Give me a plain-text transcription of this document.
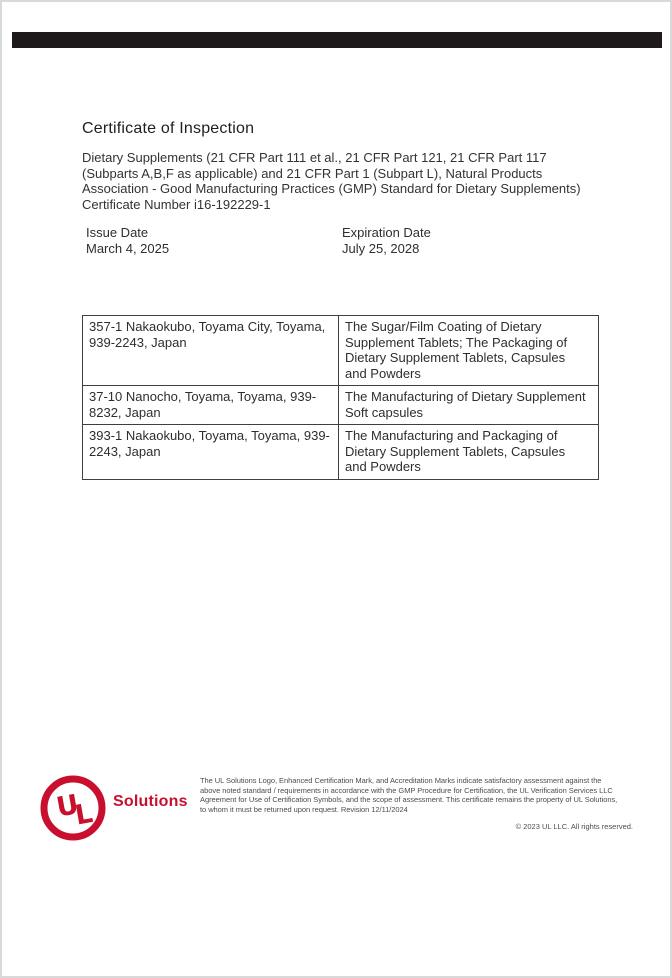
Certificate of Inspection
Dietary Supplements (21 CFR Part 111 et al., 21 CFR Part 121, 21 CFR Part 117
(Subparts A,B,F as applicable) and 21 CFR Part 1 (Subpart L), Natural Products
Association - Good Manufacturing Practices (GMP) Standard for Dietary Supplements)
Certificate Number i16-192229-1
Issue Date
March 4, 2025
Expiration Date
July 25, 2028
357-1 Nakaokubo, Toyama City, Toyama, 939-2243, Japan	The Sugar/Film Coating of Dietary Supplement Tablets; The Packaging of Dietary Supplement Tablets, Capsules and Powders
37-10 Nanocho, Toyama, Toyama, 939-8232, Japan	The Manufacturing of Dietary Supplement Soft capsules
393-1 Nakaokubo, Toyama, Toyama, 939-2243, Japan	The Manufacturing and Packaging of Dietary Supplement Tablets, Capsules and Powders
U
L Solutions
The UL Solutions Logo, Enhanced Certification Mark, and Accreditation Marks indicate satisfactory assessment against the
above noted standard / requirements in accordance with the GMP Procedure for Certification, the UL Verification Services LLC
Agreement for Use of Certification Symbols, and the scope of assessment. This certificate remains the property of UL Solutions,
to whom it must be returned upon request. Revision 12/11/2024
© 2023 UL LLC. All rights reserved.
